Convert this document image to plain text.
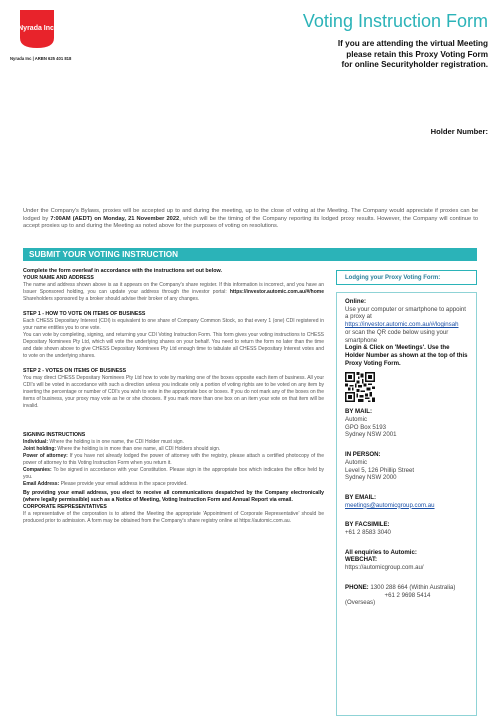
Nyrada Inc.
Nyrada Inc | ARBN 625 401 818
Voting Instruction Form
If you are attending the virtual Meeting
please retain this Proxy Voting Form
for online Securityholder registration.
Holder Number:
Under the Company's Bylaws, proxies will be accepted up to and during the meeting, up to the close of voting at the Meeting. The Company would appreciate if proxies can be lodged by 7:00AM (AEDT) on Monday, 21 November 2022, which will be the timing of the Company reporting its lodged proxy results. However, the Company will continue to accept proxies up to and during the Meeting as noted above for the purposes of voting on resolutions.
SUBMIT YOUR VOTING INSTRUCTION

Complete the form overleaf in accordance with the instructions set out below.

YOUR NAME AND ADDRESS

The name and address shown above is as it appears on the Company's share register. If this information is incorrect, and you have an Issuer Sponsored holding, you can update your address through the investor portal: https://investor.automic.com.au/#/home Shareholders sponsored by a broker should advise their broker of any changes.

STEP 1 - HOW TO VOTE ON ITEMS OF BUSINESS

Each CHESS Depositary Interest (CDI) is equivalent to one share of Company Common Stock, so that every 1 (one) CDI registered in your name entitles you to one vote.

You can vote by completing, signing, and returning your CDI Voting Instruction Form. This form gives your voting instructions to CHESS Depositary Nominees Pty Ltd, which will vote the underlying shares on your behalf. You need to return the form no later than the time and date shown above to give CHESS Depositary Nominees Pty Ltd enough time to tabulate all CHESS Depositary Interest votes and to vote on the underlying shares.

STEP 2 - VOTES ON ITEMS OF BUSINESS

You may direct CHESS Depositary Nominees Pty Ltd how to vote by marking one of the boxes opposite each item of business. All your CDI's will be voted in accordance with such a direction unless you indicate only a portion of voting rights are to be voted on any item by inserting the percentage or number of CDI's you wish to vote in the appropriate box or boxes. If you do not mark any of the boxes on the items of business, your proxy may vote as he or she chooses. If you mark more than one box on an item your vote on that item will be invalid.

SIGNING INSTRUCTIONS

Individual: Where the holding is in one name, the CDI Holder must sign.

Joint holding: Where the holding is in more than one name, all CDI Holders should sign.

Power of attorney: If you have not already lodged the power of attorney with the registry, please attach a certified photocopy of the power of attorney to this Voting Instruction Form when you return it.

Companies: To be signed in accordance with your Constitution. Please sign in the appropriate box which indicates the office held by you.

Email Address: Please provide your email address in the space provided.

By providing your email address, you elect to receive all communications despatched by the Company electronically (where legally permissible) such as a Notice of Meeting, Voting Instruction Form and Annual Report via email.

CORPORATE REPRESENTATIVES

If a representative of the corporation is to attend the Meeting the appropriate 'Appointment of Corporate Representative' should be produced prior to admission. A form may be obtained from the Company's share registry online at https://automic.com.au.

Lodging your Proxy Voting Form:

Online:

Use your computer or smartphone to appoint a proxy at

https://investor.automic.com.au/#/loginsah

or scan the QR code below using your smartphone

Login & Click on 'Meetings'. Use the Holder Number as shown at the top of this Proxy Voting Form.

BY MAIL:

Automic

GPO Box 5193

Sydney NSW 2001

IN PERSON:

Automic

Level 5, 126 Phillip Street

Sydney NSW 2000

BY EMAIL:

meetings@automicgroup.com.au

BY FACSIMILE:

+61 2 8583 3040

All enquiries to Automic:

WEBCHAT:

https://automicgroup.com.au/

PHONE: 1300 288 664 (Within Australia)

+61 2 9698 5414

(Overseas)
